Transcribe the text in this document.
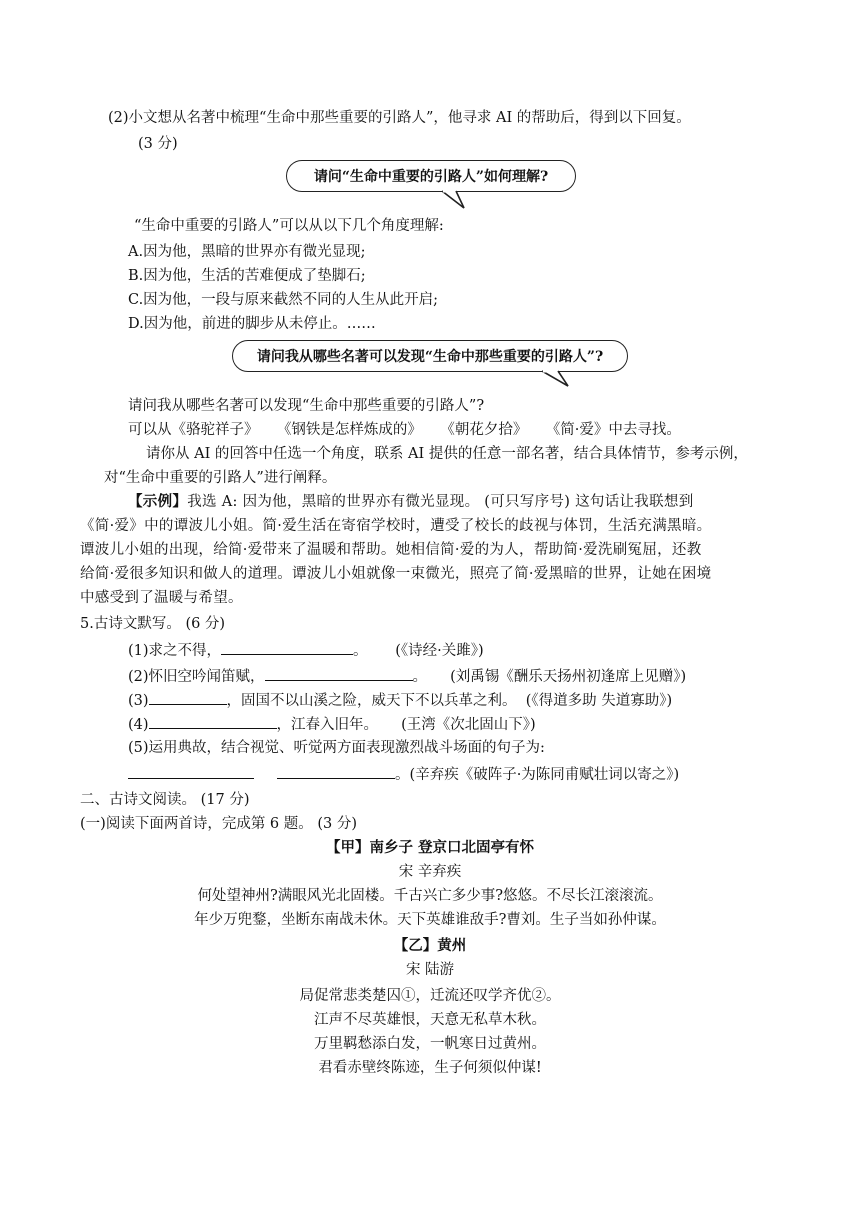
(2)小文想从名著中梳理“生命中那些重要的引路人”，他寻求 AI 的帮助后，得到以下回复。
(3 分)
请问“生命中重要的引路人”如何理解?
“生命中重要的引路人”可以从以下几个角度理解:
A.因为他，黑暗的世界亦有微光显现;
B.因为他，生活的苦难便成了垫脚石;
C.因为他，一段与原来截然不同的人生从此开启;
D.因为他，前进的脚步从未停止。……
请问我从哪些名著可以发现“生命中那些重要的引路人”?
请问我从哪些名著可以发现“生命中那些重要的引路人”?
可以从《骆驼祥子》 《钢铁是怎样炼成的》 《朝花夕拾》 《简·爱》中去寻找。
请你从 AI 的回答中任选一个角度，联系 AI 提供的任意一部名著，结合具体情节，参考示例，
对“生命中重要的引路人”进行阐释。
【示例】我选 A: 因为他，黑暗的世界亦有微光显现。 (可只写序号) 这句话让我联想到
《简·爱》中的谭波儿小姐。简·爱生活在寄宿学校时，遭受了校长的歧视与体罚，生活充满黑暗。
谭波儿小姐的出现，给简·爱带来了温暖和帮助。她相信简·爱的为人，帮助简·爱洗刷冤屈，还教
给简·爱很多知识和做人的道理。谭波儿小姐就像一束微光，照亮了简·爱黑暗的世界，让她在困境
中感受到了温暖与希望。
5.古诗文默写。 (6 分)
(1)求之不得，	。 (《诗经·关雎》)
(2)怀旧空吟闻笛赋，	。 (刘禹锡《酬乐天扬州初逢席上见赠》)
(3)	，固国不以山溪之险，威天下不以兵革之利。 (《得道多助 失道寡助》)
(4)	，江春入旧年。 (王湾《次北固山下》)
(5)运用典故，结合视觉、听觉两方面表现激烈战斗场面的句子为:
。(辛弃疾《破阵子·为陈同甫赋壮词以寄之》)
二、古诗文阅读。 (17 分)
(一)阅读下面两首诗，完成第 6 题。 (3 分)
【甲】南乡子 登京口北固亭有怀
宋 辛弃疾
何处望神州?满眼风光北固楼。千古兴亡多少事?悠悠。不尽长江滚滚流。
年少万兜鍪，坐断东南战未休。天下英雄谁敌手?曹刘。生子当如孙仲谋。
【乙】黄州
宋 陆游
局促常悲类楚囚①，迁流还叹学齐优②。
江声不尽英雄恨，天意无私草木秋。
万里羁愁添白发，一帆寒日过黄州。
君看赤壁终陈迹，生子何须似仲谋!
